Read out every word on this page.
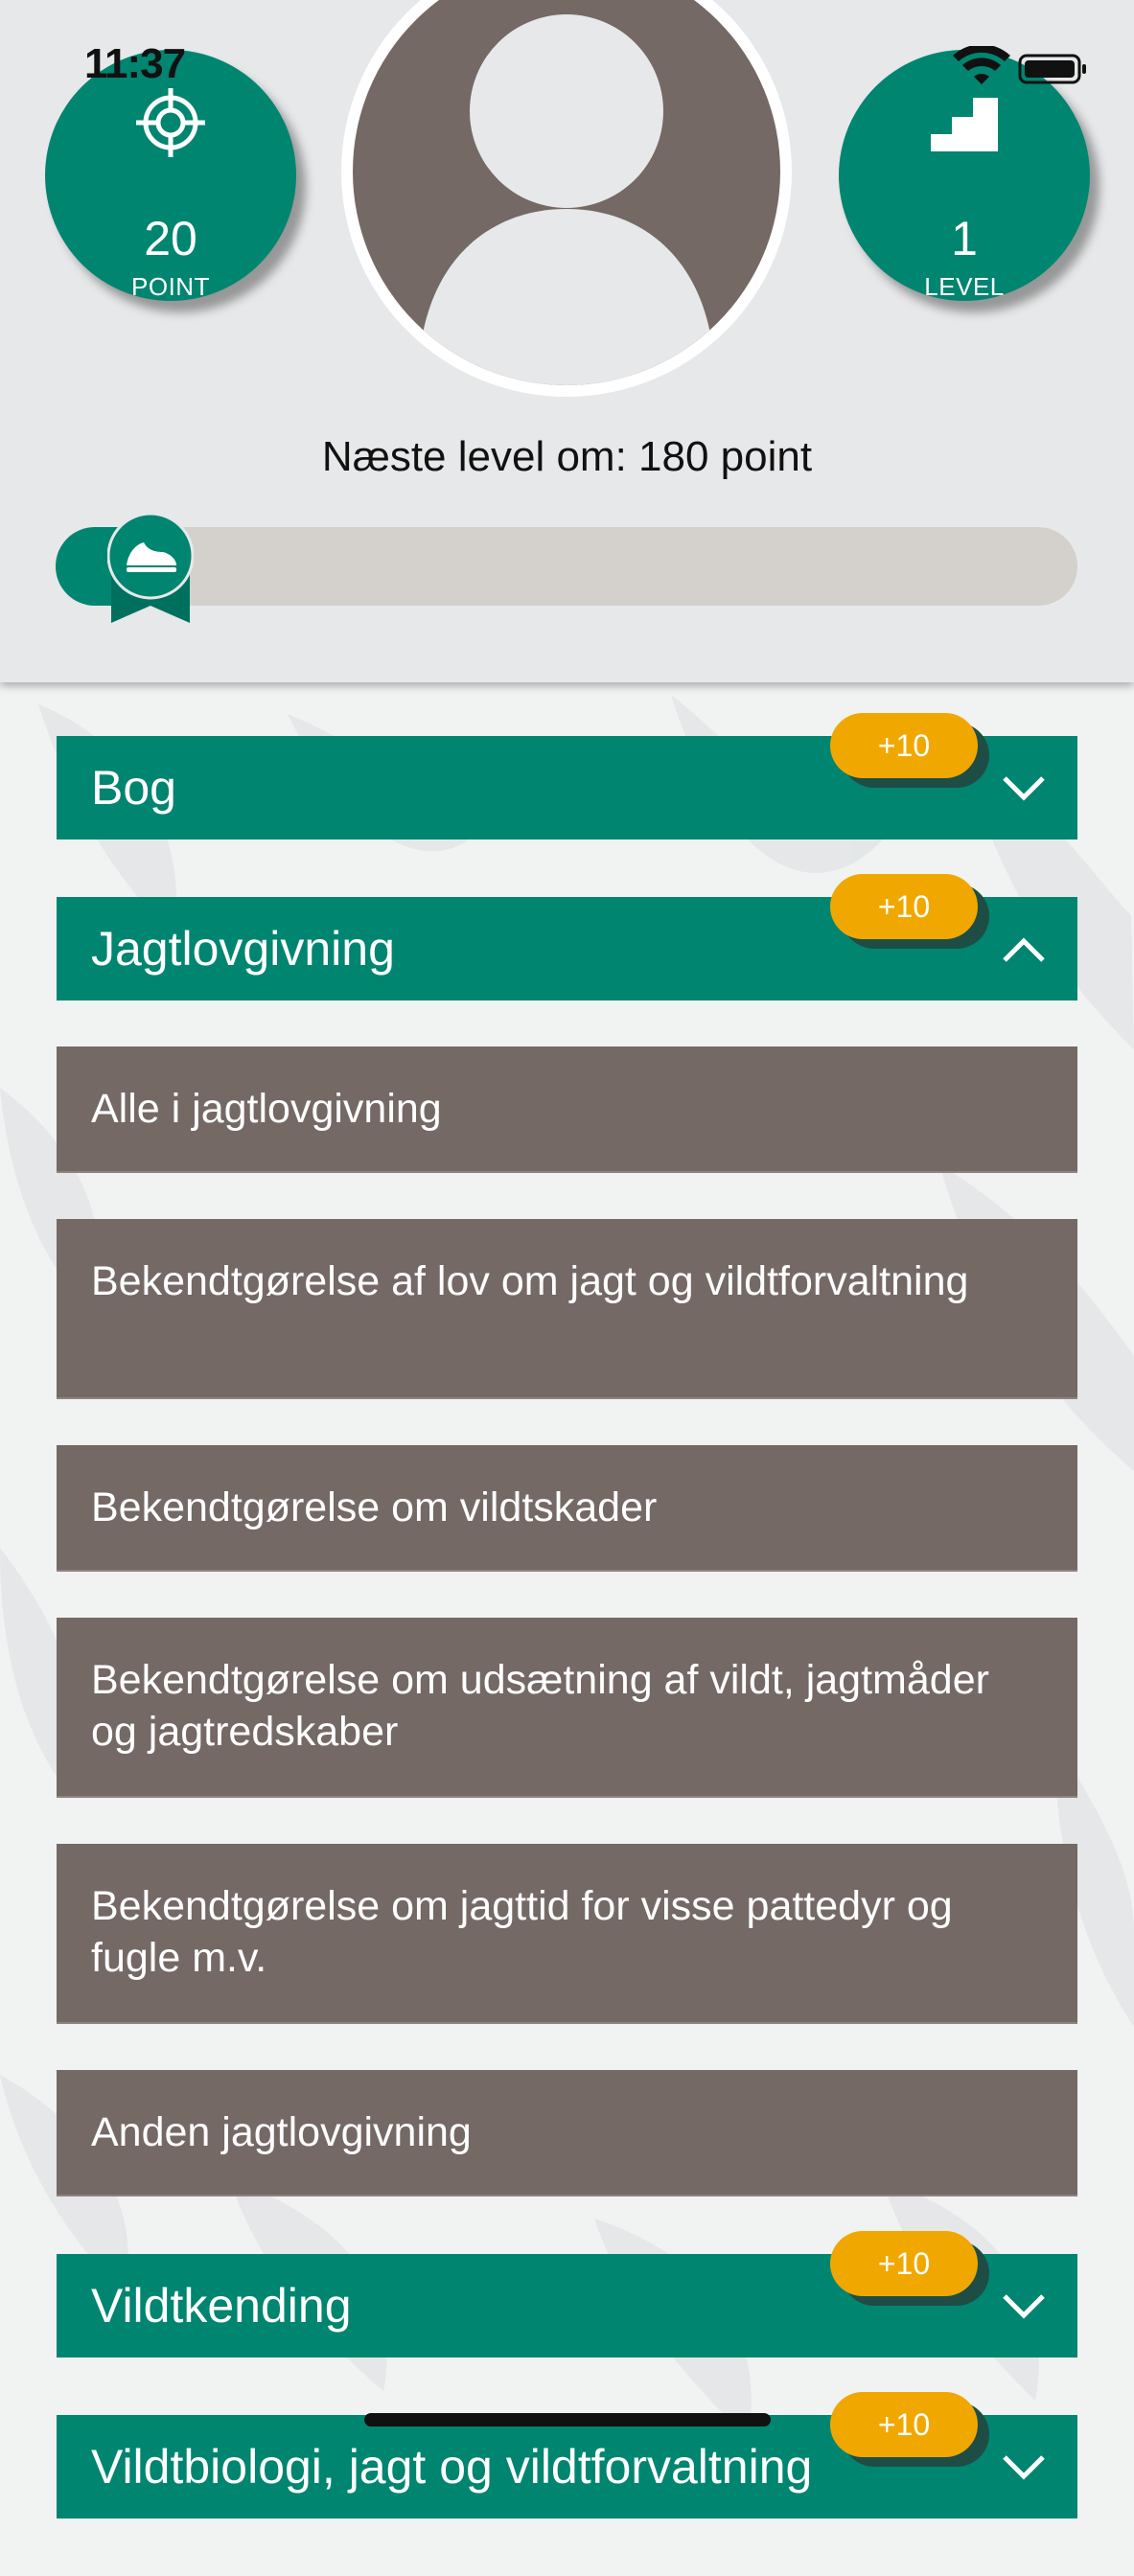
11:37
20
POINT
1
LEVEL
Næste level om: 180 point
Bog
+10
Jagtlovgivning
+10
Alle i jagtlovgivning
Bekendtgørelse af lov om jagt og vildtforvaltning
Bekendtgørelse om vildtskader
Bekendtgørelse om udsætning af vildt, jagtmåder og jagtredskaber
Bekendtgørelse om jagttid for visse pattedyr og fugle m.v.
Anden jagtlovgivning
Vildtkending
+10
Vildtbiologi, jagt og vildtforvaltning
+10
